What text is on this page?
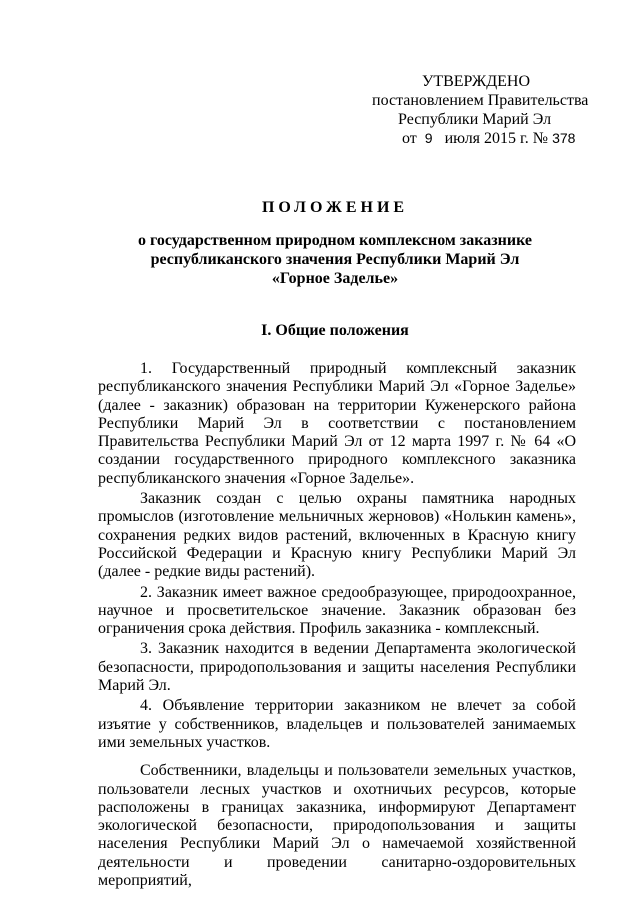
УТВЕРЖДЕНО
постановлением Правительства
Республики Марий Эл
от 9 июля 2015 г. № 378
ПОЛОЖЕНИЕ
о государственном природном комплексном заказнике
республиканского значения Республики Марий Эл
«Горное Заделье»
I. Общие положения

1. Государственный природный комплексный заказник республиканского значения Республики Марий Эл «Горное Заделье» (далее - заказник) образован на территории Куженерского района Республики Марий Эл в соответствии с постановлением Правительства Республики Марий Эл от 12 марта 1997 г. № 64 «О создании государственного природного комплексного заказника республиканского значения «Горное Заделье».

Заказник создан с целью охраны памятника народных промыслов (изготовление мельничных жерновов) «Нолькин камень», сохранения редких видов растений, включенных в Красную книгу Российской Федерации и Красную книгу Республики Марий Эл (далее - редкие виды растений).

2. Заказник имеет важное средообразующее, природоохранное, научное и просветительское значение. Заказник образован без ограничения срока действия. Профиль заказника - комплексный.

3. Заказник находится в ведении Департамента экологической безопасности, природопользования и защиты населения Республики Марий Эл.

4. Объявление территории заказником не влечет за собой изъятие у собственников, владельцев и пользователей занимаемых ими земельных участков.

Собственники, владельцы и пользователи земельных участков, пользователи лесных участков и охотничьих ресурсов, которые расположены в границах заказника, информируют Департамент экологической безопасности, природопользования и защиты населения Республики Марий Эл о намечаемой хозяйственной деятельности и проведении санитарно-оздоровительных мероприятий,
